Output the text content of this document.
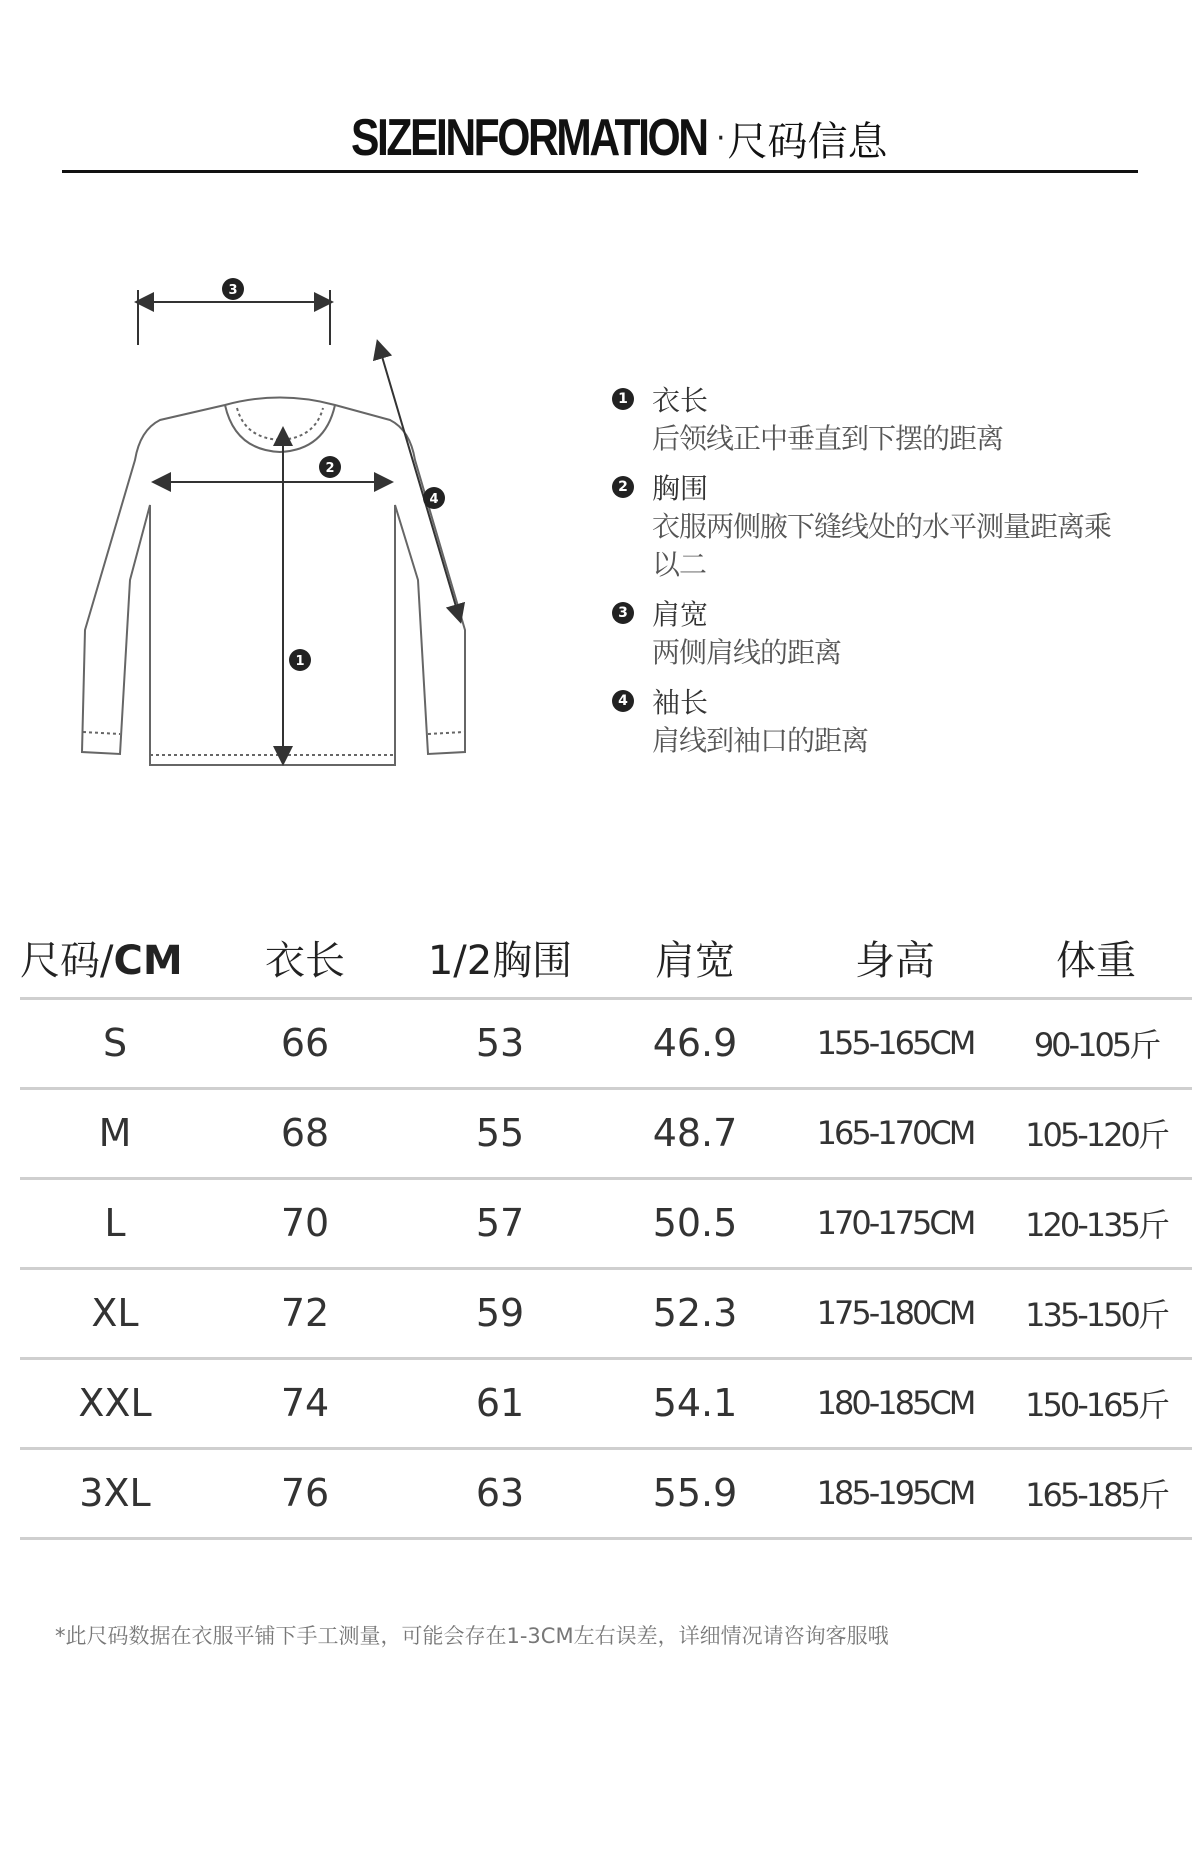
SIZEINFORMATION ·尺码信息
1
2
3
4
1 衣长
后领线正中垂直到下摆的距离
2 胸围
衣服两侧腋下缝线处的水平测量距离乘以二
3 肩宽
两侧肩线的距离
4 袖长
肩线到袖口的距离
尺码/CM	衣长	1/2胸围	肩宽	身高	体重
S	66	53	46.9	155-165CM	90-105斤
M	68	55	48.7	165-170CM	105-120斤
L	70	57	50.5	170-175CM	120-135斤
XL	72	59	52.3	175-180CM	135-150斤
XXL	74	61	54.1	180-185CM	150-165斤
3XL	76	63	55.9	185-195CM	165-185斤
*此尺码数据在衣服平铺下手工测量，可能会存在1-3CM左右误差，详细情况请咨询客服哦
